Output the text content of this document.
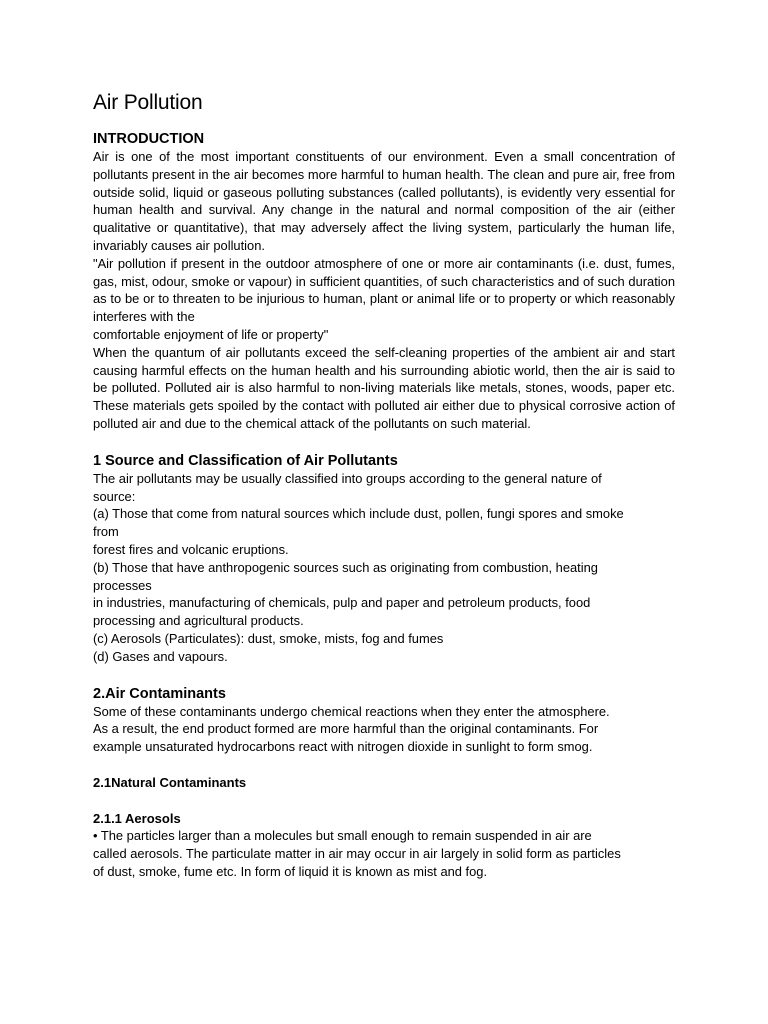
Air Pollution
INTRODUCTION
Air is one of the most important constituents of our environment. Even a small concentration of pollutants present in the air becomes more harmful to human health. The clean and pure air, free from outside solid, liquid or gaseous polluting substances (called pollutants), is evidently very essential for human health and survival. Any change in the natural and normal composition of the air (either qualitative or quantitative), that may adversely affect the living system, particularly the human life, invariably causes air pollution.
"Air pollution if present in the outdoor atmosphere of one or more air contaminants (i.e. dust, fumes, gas, mist, odour, smoke or vapour) in sufficient quantities, of such characteristics and of such duration as to be or to threaten to be injurious to human, plant or animal life or to property or which reasonably interferes with the
comfortable enjoyment of life or property"
When the quantum of air pollutants exceed the self-cleaning properties of the ambient air and start causing harmful effects on the human health and his surrounding abiotic world, then the air is said to be polluted. Polluted air is also harmful to non-living materials like metals, stones, woods, paper etc. These materials gets spoiled by the contact with polluted air either due to physical corrosive action of polluted air and due to the chemical attack of the pollutants on such material.
1 Source and Classification of Air Pollutants
The air pollutants may be usually classified into groups according to the general nature of
source:
(a) Those that come from natural sources which include dust, pollen, fungi spores and smoke
from
forest fires and volcanic eruptions.
(b) Those that have anthropogenic sources such as originating from combustion, heating
processes
in industries, manufacturing of chemicals, pulp and paper and petroleum products, food
processing and agricultural products.
(c) Aerosols (Particulates): dust, smoke, mists, fog and fumes
(d) Gases and vapours.
2.Air Contaminants
Some of these contaminants undergo chemical reactions when they enter the atmosphere.
As a result, the end product formed are more harmful than the original contaminants. For
example unsaturated hydrocarbons react with nitrogen dioxide in sunlight to form smog.
2.1Natural Contaminants
2.1.1 Aerosols
• The particles larger than a molecules but small enough to remain suspended in air are
called aerosols. The particulate matter in air may occur in air largely in solid form as particles
of dust, smoke, fume etc. In form of liquid it is known as mist and fog.
